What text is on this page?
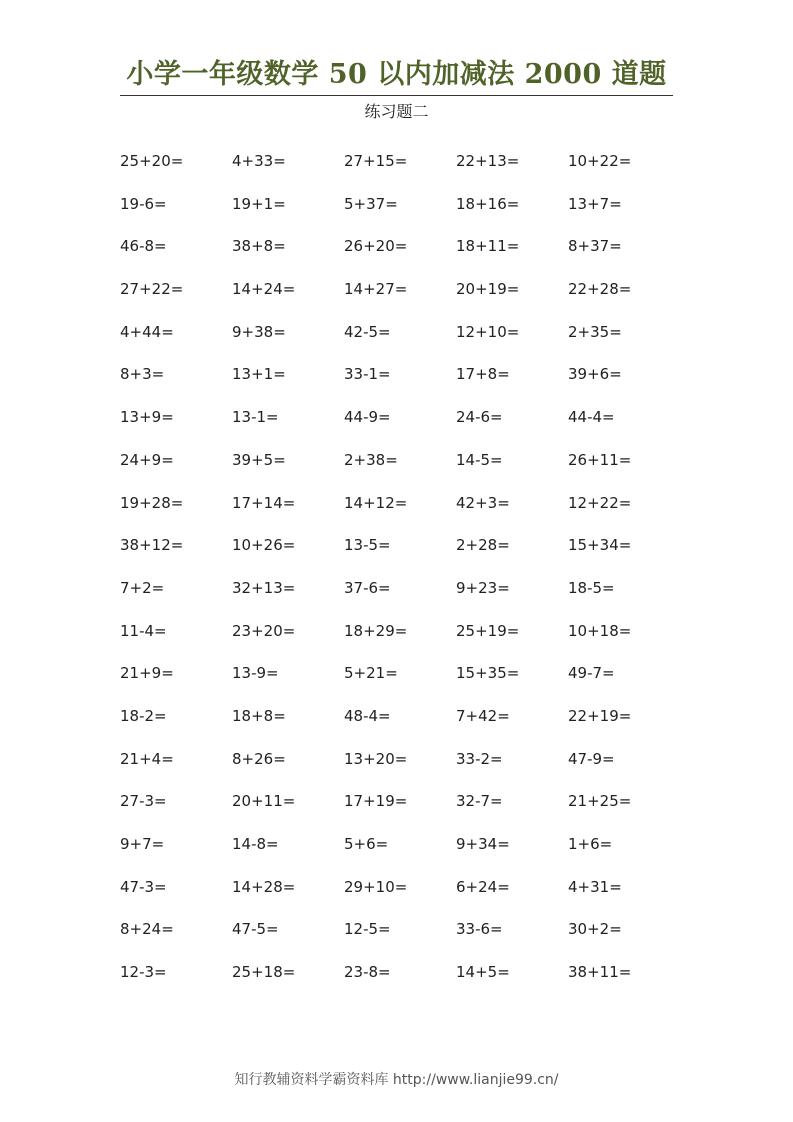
小学一年级数学 50 以内加减法 2000 道题
练习题二
25+20=	4+33=	27+15=	22+13=	10+22=
19-6=	19+1=	5+37=	18+16=	13+7=
46-8=	38+8=	26+20=	18+11=	8+37=
27+22=	14+24=	14+27=	20+19=	22+28=
4+44=	9+38=	42-5=	12+10=	2+35=
8+3=	13+1=	33-1=	17+8=	39+6=
13+9=	13-1=	44-9=	24-6=	44-4=
24+9=	39+5=	2+38=	14-5=	26+11=
19+28=	17+14=	14+12=	42+3=	12+22=
38+12=	10+26=	13-5=	2+28=	15+34=
7+2=	32+13=	37-6=	9+23=	18-5=
11-4=	23+20=	18+29=	25+19=	10+18=
21+9=	13-9=	5+21=	15+35=	49-7=
18-2=	18+8=	48-4=	7+42=	22+19=
21+4=	8+26=	13+20=	33-2=	47-9=
27-3=	20+11=	17+19=	32-7=	21+25=
9+7=	14-8=	5+6=	9+34=	1+6=
47-3=	14+28=	29+10=	6+24=	4+31=
8+24=	47-5=	12-5=	33-6=	30+2=
12-3=	25+18=	23-8=	14+5=	38+11=
知行教辅资料学霸资料库 http://www.lianjie99.cn/
